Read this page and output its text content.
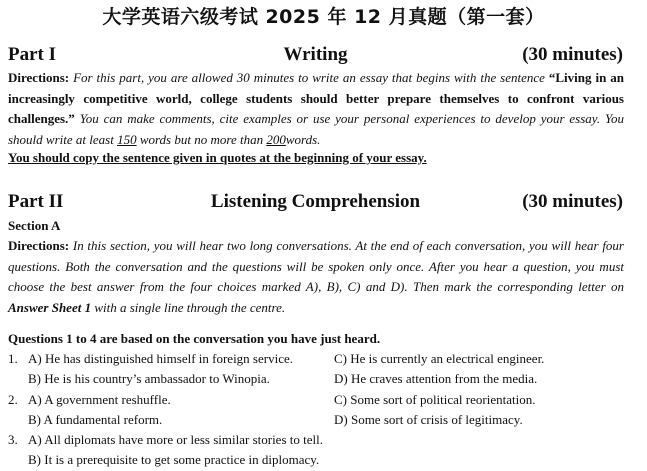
大学英语六级考试 2025 年 12 月真题（第一套）
Part I	Writing	(30 minutes)
Directions: For this part, you are allowed 30 minutes to write an essay that begins with the sentence “Living in an increasingly competitive world, college students should better prepare themselves to confront various challenges.” You can make comments, cite examples or use your personal experiences to develop your essay. You should write at least 150 words but no more than 200words.
You should copy the sentence given in quotes at the beginning of your essay.
Part II	Listening Comprehension	(30 minutes)
Section A
Directions: In this section, you will hear two long conversations. At the end of each conversation, you will hear four questions. Both the conversation and the questions will be spoken only once. After you hear a question, you must choose the best answer from the four choices marked A), B), C) and D). Then mark the corresponding letter on Answer Sheet 1 with a single line through the centre.
Questions 1 to 4 are based on the conversation you have just heard.
1. A) He has distinguished himself in foreign service.	C) He is currently an electrical engineer.
B) He is his country’s ambassador to Winopia.	D) He craves attention from the media.
2. A) A government reshuffle.	C) Some sort of political reorientation.
B) A fundamental reform.	D) Some sort of crisis of legitimacy.
3. A) All diplomats have more or less similar stories to tell.
B) It is a prerequisite to get some practice in diplomacy.
